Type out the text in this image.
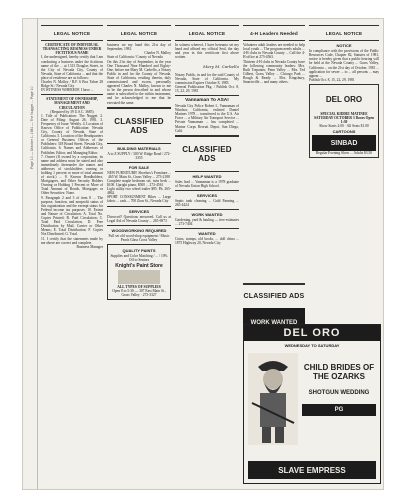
Page 10 — October 1, 1981 — The Nugget ... Page 10

LEGAL NOTICE

CERTIFICATE OF INDIVIDUAL TRANSACTING BUSINESS UNDER FICTITIOUS NAME

I, the undersigned, hereby certify that I am conducting a business under the fictitious name of the ... at 1313 Douglas Street, in the City of Nevada City, County of Nevada, State of California ... and that the place of residence are as follows:

Charles N. Malloy / R.F. 6 Box Tahoe 28 Ridge St / Nevada City

IN WITNESS WHEREOF, I have ...

STATEMENT OF OWNERSHIP, MANAGEMENT AND CIRCULATION

(Required by 39 U.S.C. 3685)

1. Title of Publication: The Nugget. 2. Date of Filing: August 26, 1981. 3. Frequency of Issue: Weekly. 4. Location of Known Office of Publication: Nevada City, County of Nevada, State of California. 5. Location of the Headquarters or General Business Offices of the Publishers: 318 Broad Street, Nevada City, California. 6. Names and Addresses of Publisher, Editor, and Managing Editor.

7. Owner (If owned by a corporation, its name and address must be stated and also immediately thereunder the names and addresses of stockholders owning or holding 1 percent or more of total amount of stock.) ... 8. Known Bondholders, Mortgagees, and Other Security Holders Owning or Holding 1 Percent or More of Total Amount of Bonds, Mortgages or Other Securities: None.

9. Paragraph 2 and 3 of item 8 ... The purpose, function, and nonprofit status of this organization and the exempt status for Federal income tax purposes. 10. Extent and Nature of Circulation: A. Total No. Copies Printed; B. Paid Circulation; C. Total Paid Circulation; D. Free Distribution by Mail, Carrier or Other Means; E. Total Distribution; F. Copies Not Distributed; G. Total.

11. I certify that the statements made by me above are correct and complete.

Business Manager

LEGAL NOTICE

business we my hand this 21st day of September, 1981.

Charles N. Malloy

State of California / County of Nevada

On this 21st day of September, in the year One Thousand Nine Hundred and Eighty-One, before me Mary M. Carbello, a Notary Public in and for the County of Nevada, State of California, residing therein, duly commissioned and sworn, personally appeared Charles N. Malloy, known to me to be the person described in and whose name is subscribed to the within instrument, and he acknowledged to me that he executed the same.

CLASSIFIED ADS

BUILDING MATERIALS

A to Z SUPPLY / 300 W. Ridge Road / 272-3355

FOR SALE

NEW FURNITURE! Shoebox's Furniture ... 465 W. Main St., Grass Valley ... 273-2188

Complete maple bedroom set, twin beds ... $100. Upright piano, $500 ... 273-4561

Light utility two wheel trailer $85. Ph. 265-4862.

SPORT CONSIGNMENT Bikes ... Large fabric ... cash ... 700 Zion St., Nevada City

SERVICES

Divorced? Questions answered. Call us at Legal Aid of Nevada County ... 265-6973

WOODWORKING REQUIRED

Full set old wood-shop equipment / Music Peach Glass Cross Valley

QUALITY PAINTS

Supplies and Color Matching / ... / 10% Off to Seniors

Knight's Paint Store

ALL TYPES OF SUPPLIES

Open 8 to 5:30 — 307 East Main St., Grass Valley · 273-3327

LEGAL NOTICE

In witness whereof, I have hereunto set my hand and affixed my official Seal, the day and year in this certificate first above written.

Mary M. Carbello

Notary Public, in and for the said County of Nevada, State of California. My commission Expires October 8, 1985.

General Publication Pkg. / Publish Oct. 8, 15, 22, 29, 1981

Vannaman To ASA!

Nevada City Police Robert L. Vannaman of Windsor, California, enlisted Daniel Marines 1978 ... transferred to the U.S. Air Force ... a Military Air Transport Service ... Private Vannaman ... has completed ... Marine Corps Recruit Depot, San Diego, Calif.

CLASSIFIED ADS

HELP WANTED

Sales lead ... Vannaman is a 1978 graduate of Nevada Union High School.

SERVICES

Septic tank cleaning ... Gold Panning ... 265-4424

WORK WANTED

Gardening, yard & hauling — free estimates ... 273-7404

WANTED

Coins, stamps, old books, ... doll china ... 1875 Highway 20, Nevada City

4-H Leaders Needed

Volunteer adult leaders are needed to help local youth ... The program needs adults ... 4-H clubs in Nevada County ... Call the 4-H office at 273-4563.

Thirteen 4-H clubs in Nevada County have the following community leaders: Mrs. Ruth Trepanier, Penn Valley ... Mrs. Ted Gilbert, Grass Valley ... Chicago Park ... Rough & Ready ... Mrs. Kingsbury, Smartsville ... and many others.

LEGAL NOTICE

NOTICE

In compliance with the provisions of the Public Resources Code, Chapter 82, Statutes of 1981, notice is hereby given that a public hearing will be held at the Nevada County ... Grass Valley, California ... on the 21st day of October, 1981 ... application for sewer ... to ... all persons ... may appear ...

Publish Oct. 8, 15, 22, 29, 1981

DEL ORO

SPECIAL KIDDIE MATINEE SATURDAY OCTOBER 3 Doors Open 1:30

Show Starts 2:00 · All Seats $1.00

CARTOONS

SINBAD

Regular Evening Show ... Adults $3.50

CLASSIFIED ADS

WORK WANTED
DEL ORO

WEDNESDAY TO SATURDAY

CHILD BRIDES OF THE OZARKS

SHOTGUN WEDDING

PG
SLAVE EMPRESS
